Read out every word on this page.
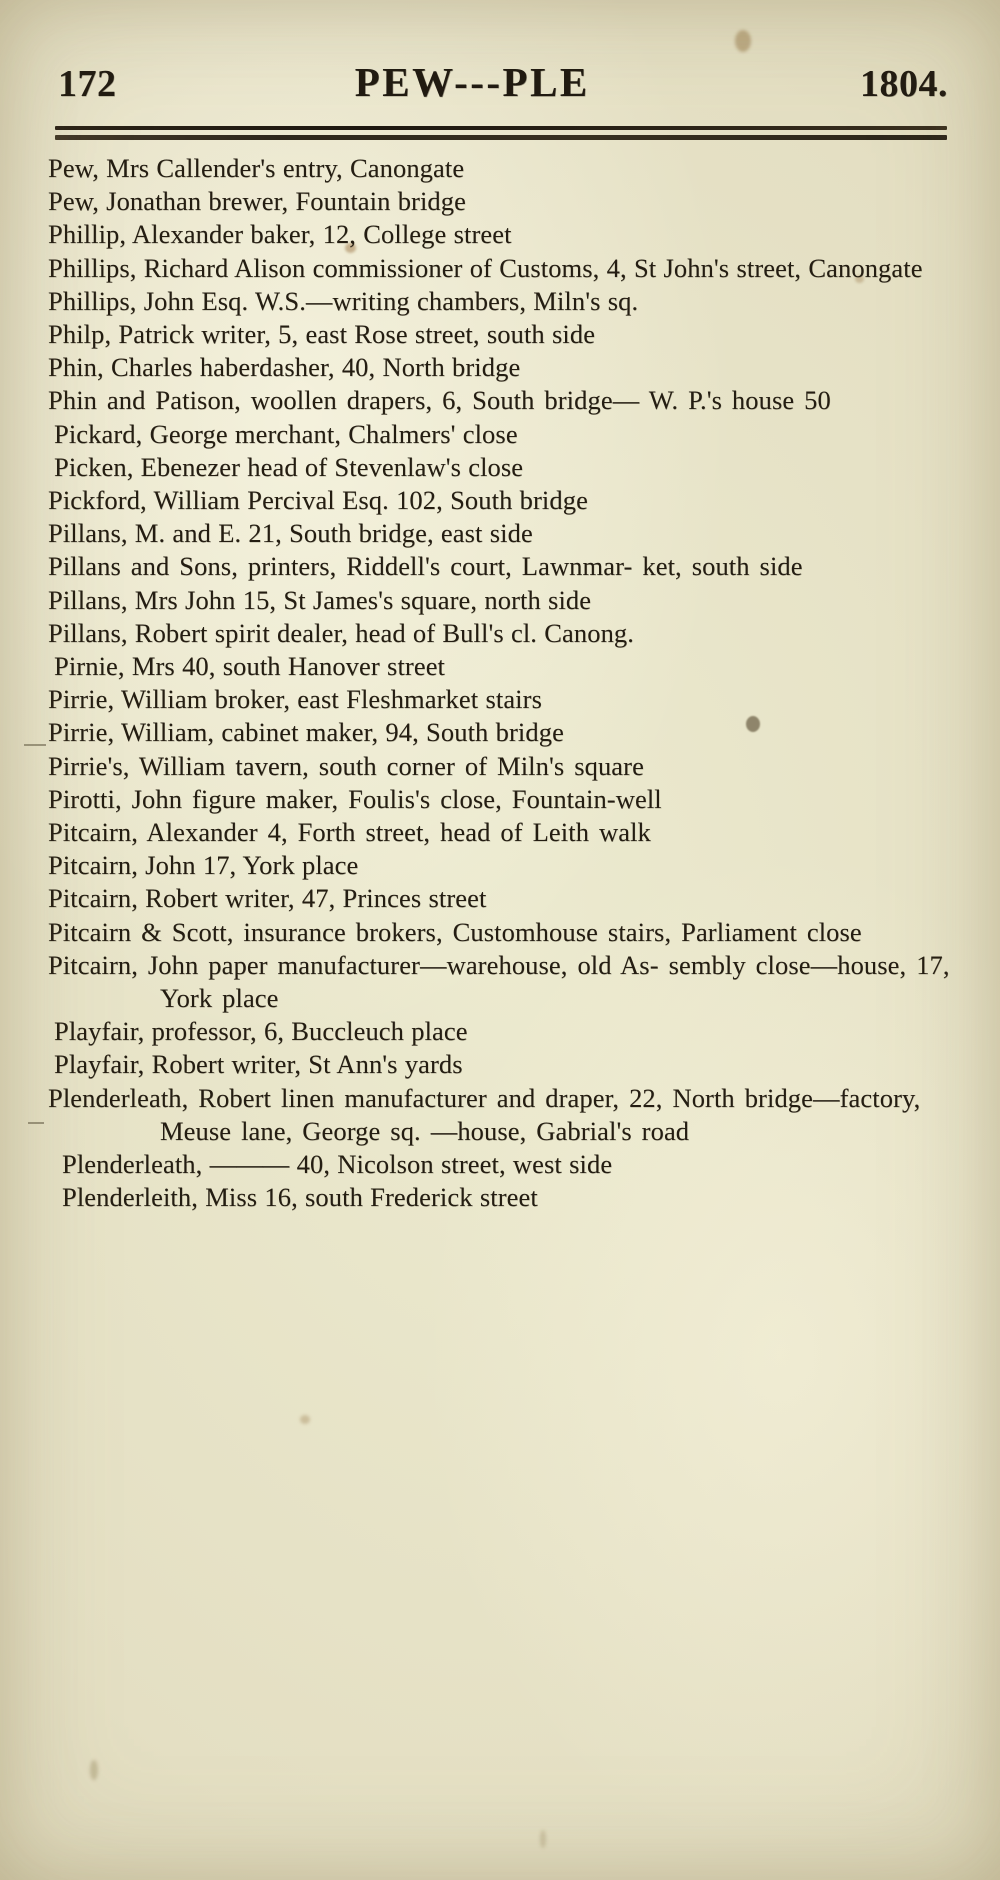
172	PEW---PLE	1804.

Pew, Mrs Callender's entry, Canongate

Pew, Jonathan brewer, Fountain bridge

Phillip, Alexander baker, 12, College street

Phillips, Richard Alison commissioner of Customs, 4, St John's street, Canongate

Phillips, John Esq. W.S.—writing chambers, Miln's sq.

Philp, Patrick writer, 5, east Rose street, south side

Phin, Charles haberdasher, 40, North bridge

Phin and Patison, woollen drapers, 6, South bridge— W. P.'s house 50

Pickard, George merchant, Chalmers' close

Picken, Ebenezer head of Stevenlaw's close

Pickford, William Percival Esq. 102, South bridge

Pillans, M. and E. 21, South bridge, east side

Pillans and Sons, printers, Riddell's court, Lawnmar- ket, south side

Pillans, Mrs John 15, St James's square, north side

Pillans, Robert spirit dealer, head of Bull's cl. Canong.

Pirnie, Mrs 40, south Hanover street

Pirrie, William broker, east Fleshmarket stairs

Pirrie, William, cabinet maker, 94, South bridge

Pirrie's, William tavern, south corner of Miln's square

Pirotti, John figure maker, Foulis's close, Fountain-well

Pitcairn, Alexander 4, Forth street, head of Leith walk

Pitcairn, John 17, York place

Pitcairn, Robert writer, 47, Princes street

Pitcairn & Scott, insurance brokers, Customhouse stairs, Parliament close

Pitcairn, John paper manufacturer—warehouse, old As- sembly close—house, 17, York place

Playfair, professor, 6, Buccleuch place

Playfair, Robert writer, St Ann's yards

Plenderleath, Robert linen manufacturer and draper, 22, North bridge—factory, Meuse lane, George sq. —house, Gabrial's road

Plenderleath, ——— 40, Nicolson street, west side

Plenderleith, Miss 16, south Frederick street
